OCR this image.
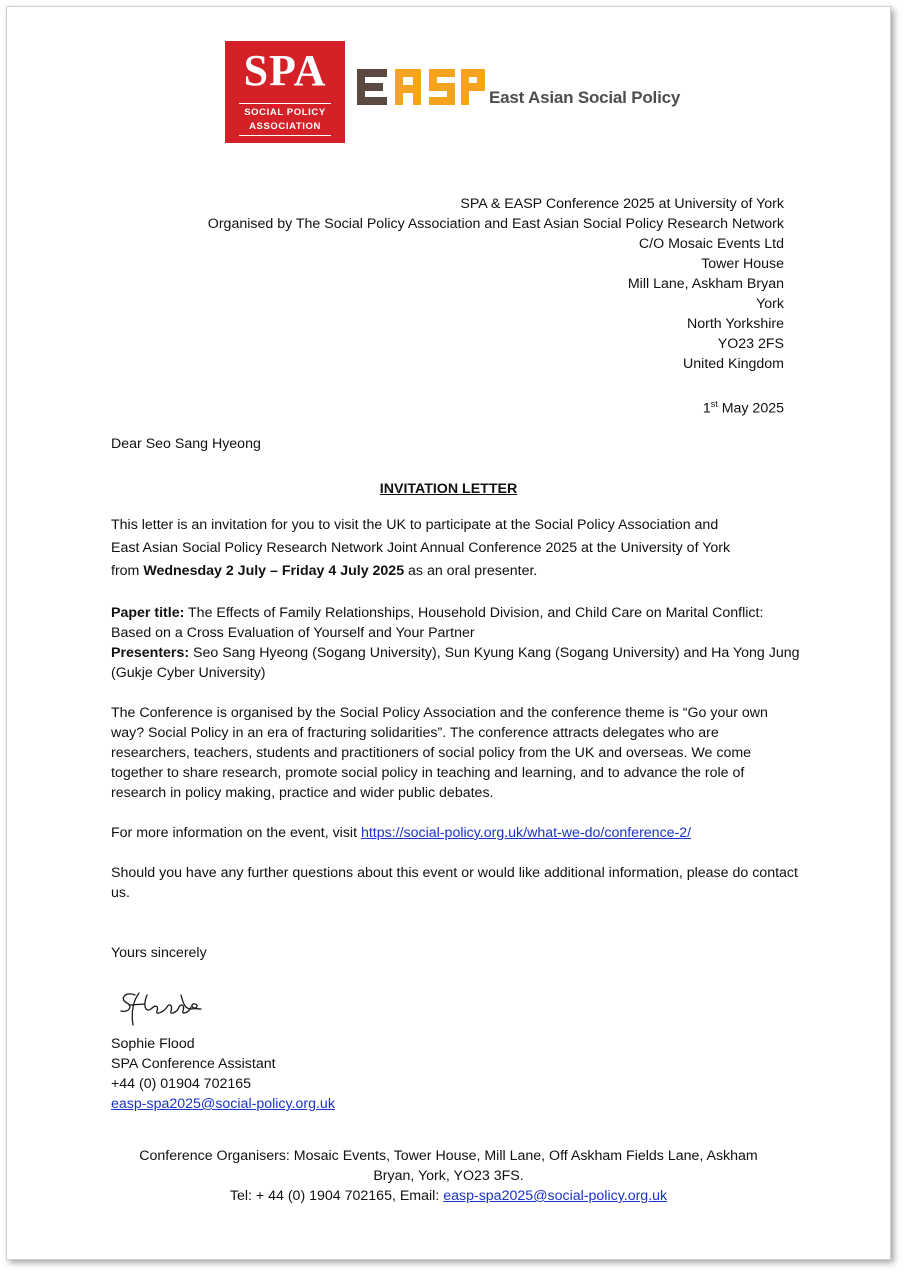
SPA
SOCIAL POLICY
ASSOCIATION
East Asian Social Policy
SPA & EASP Conference 2025 at University of York
Organised by The Social Policy Association and East Asian Social Policy Research Network
C/O Mosaic Events Ltd
Tower House
Mill Lane, Askham Bryan
York
North Yorkshire
YO23 2FS
United Kingdom
1st May 2025
Dear Seo Sang Hyeong
INVITATION LETTER
This letter is an invitation for you to visit the UK to participate at the Social Policy Association and
East Asian Social Policy Research Network Joint Annual Conference 2025 at the University of York
from Wednesday 2 July – Friday 4 July 2025 as an oral presenter.
Paper title: The Effects of Family Relationships, Household Division, and Child Care on Marital Conflict: Based on a Cross Evaluation of Yourself and Your Partner
Presenters: Seo Sang Hyeong (Sogang University), Sun Kyung Kang (Sogang University) and Ha Yong Jung (Gukje Cyber University)
The Conference is organised by the Social Policy Association and the conference theme is “Go your own way? Social Policy in an era of fracturing solidarities”. The conference attracts delegates who are researchers, teachers, students and practitioners of social policy from the UK and overseas. We come together to share research, promote social policy in teaching and learning, and to advance the role of research in policy making, practice and wider public debates.
For more information on the event, visit https://social-policy.org.uk/what-we-do/conference-2/
Should you have any further questions about this event or would like additional information, please do contact us.
Yours sincerely
Sophie Flood
SPA Conference Assistant
+44 (0) 01904 702165
easp-spa2025@social-policy.org.uk
Conference Organisers: Mosaic Events, Tower House, Mill Lane, Off Askham Fields Lane, Askham
Bryan, York, YO23 3FS.
Tel: + 44 (0) 1904 702165, Email: easp-spa2025@social-policy.org.uk
